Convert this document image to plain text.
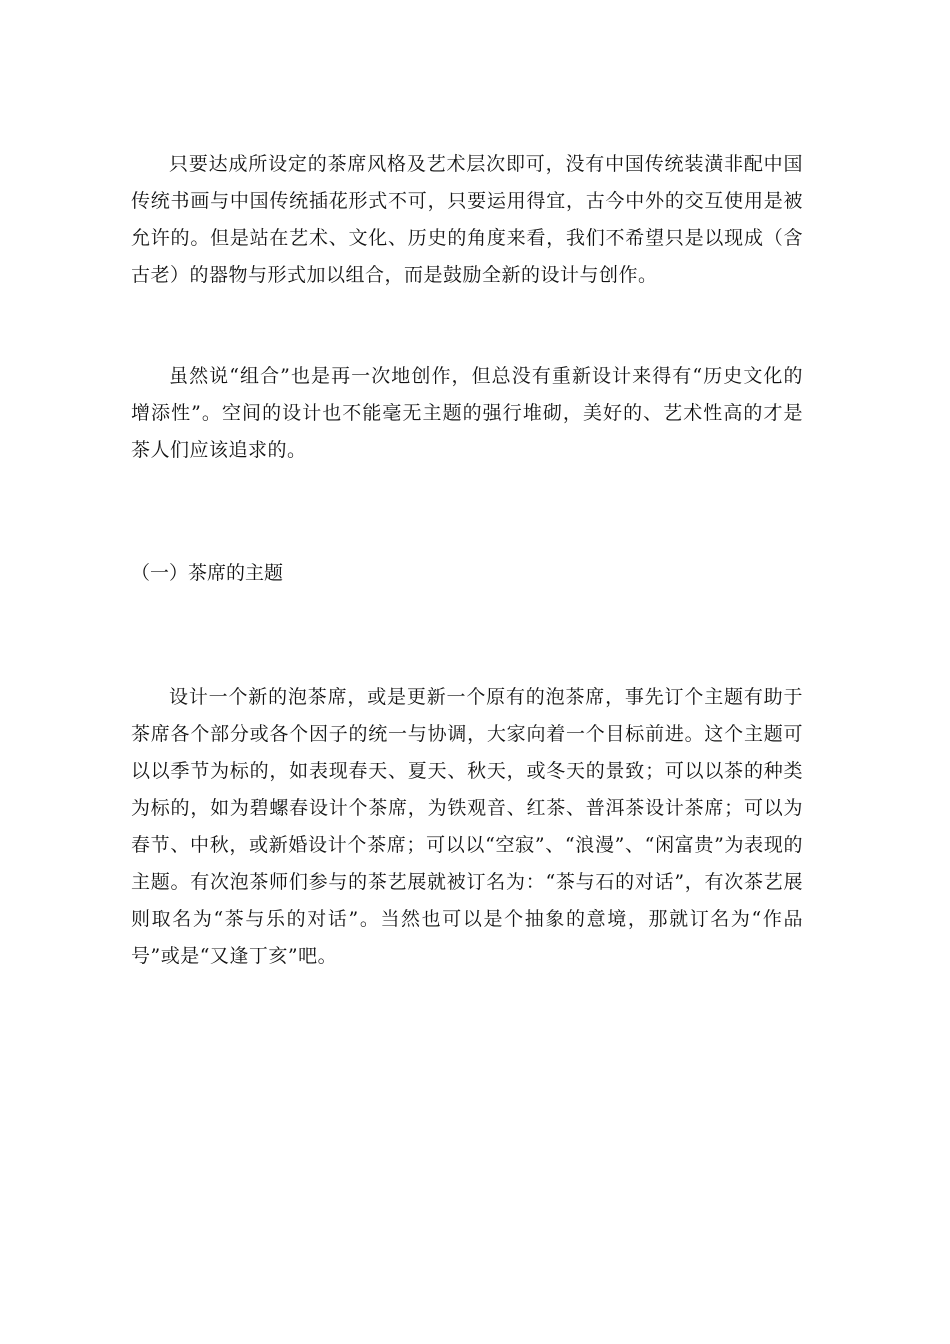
只要达成所设定的茶席风格及艺术层次即可，没有中国传统装潢非配中国传统书画与中国传统插花形式不可，只要运用得宜，古今中外的交互使用是被允许的。但是站在艺术、文化、历史的角度来看，我们不希望只是以现成（含古老）的器物与形式加以组合，而是鼓励全新的设计与创作。

虽然说“组合”也是再一次地创作，但总没有重新设计来得有“历史文化的增添性”。空间的设计也不能毫无主题的强行堆砌，美好的、艺术性高的才是茶人们应该追求的。

（一）茶席的主题

设计一个新的泡茶席，或是更新一个原有的泡茶席，事先订个主题有助于茶席各个部分或各个因子的统一与协调，大家向着一个目标前进。这个主题可以以季节为标的，如表现春天、夏天、秋天，或冬天的景致；可以以茶的种类为标的，如为碧螺春设计个茶席，为铁观音、红茶、普洱茶设计茶席；可以为春节、中秋，或新婚设计个茶席；可以以“空寂”、“浪漫”、“闲富贵”为表现的主题。有次泡茶师们参与的茶艺展就被订名为：“茶与石的对话”，有次茶艺展则取名为“茶与乐的对话”。当然也可以是个抽象的意境，那就订名为“作品　　号”或是“又逢丁亥”吧。
